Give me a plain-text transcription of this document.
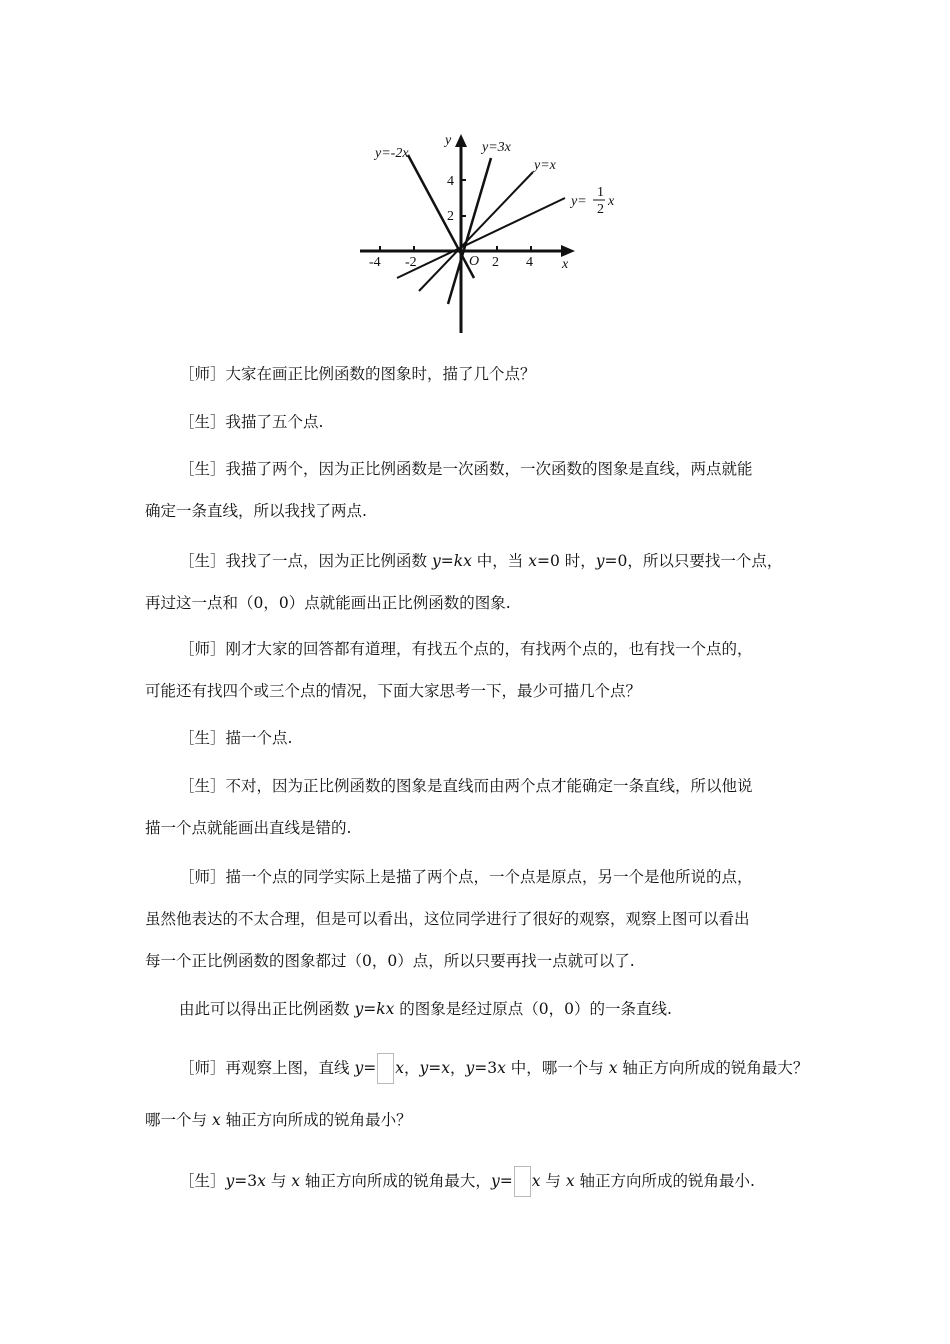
y
x
O
-4 -2	2 4
4
2
y=-2x	y=3x
y=x
y=
1
2
x

［师］大家在画正比例函数的图象时，描了几个点？

［生］我描了五个点.

［生］我描了两个，因为正比例函数是一次函数，一次函数的图象是直线，两点就能
确定一条直线，所以我找了两点.
［生］我找了一点，因为正比例函数 y=kx 中，当 x=0 时，y=0，所以只要找一个点，
再过这一点和（0，0）点就能画出正比例函数的图象.
［师］刚才大家的回答都有道理，有找五个点的，有找两个点的，也有找一个点的，
可能还有找四个或三个点的情况，下面大家思考一下，最少可描几个点？

［生］描一个点.

［生］不对，因为正比例函数的图象是直线而由两个点才能确定一条直线，所以他说
描一个点就能画出直线是错的.
［师］描一个点的同学实际上是描了两个点，一个点是原点，另一个是他所说的点，
虽然他表达的不太合理，但是可以看出，这位同学进行了很好的观察，观察上图可以看出
每一个正比例函数的图象都过（0，0）点，所以只要再找一点就可以了.

由此可以得出正比例函数 y=kx 的图象是经过原点（0，0）的一条直线.

［师］再观察上图，直线 y= x，y=x，y=3x 中，哪一个与 x 轴正方向所成的锐角最大？
哪一个与 x 轴正方向所成的锐角最小？

［生］y=3x 与 x 轴正方向所成的锐角最大，y= x 与 x 轴正方向所成的锐角最小.
